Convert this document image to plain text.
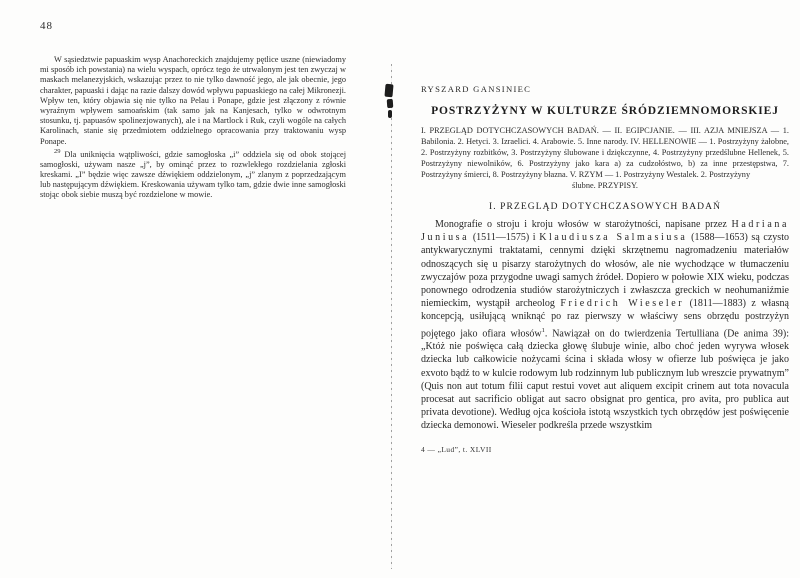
48

W sąsiedztwie papuaskim wysp Anachoreckich znajdujemy pętlice uszne (niewiadomy mi sposób ich powstania) na wielu wyspach, oprócz tego że utrwalonym jest ten zwyczaj w maskach melanezyjskich, wskazując przez to nie tylko dawność jego, ale jak obecnie, jego charakter, papuaski i dając na razie dalszy dowód wpływu papuaskiego na całej Mikronezji. Wpływ ten, który objawia się nie tylko na Pelau i Ponape, gdzie jest złączony z równie wyraźnym wpływem samoańskim (tak samo jak na Kanjesach, tylko w odwrotnym stosunku, tj. papuasów spolinezjowanych), ale i na Martlock i Ruk, czyli wogóle na całych Karolinach, stanie się przedmiotem oddzielnego opracowania przy traktowaniu wysp Ponape.

$^{29}$ Dla uniknięcia wątpliwości, gdzie samogłoska „i” oddziela się od obok stojącej samogłoski, używam nasze „j”, by ominąć przez to rozwlekłego rozdzielania zgłoski kreskami. „I” będzie więc zawsze dźwiękiem oddzielonym, „j” zlanym z poprzedzającym lub następującym dźwiękiem. Kreskowania używam tylko tam, gdzie dwie inne samogłoski stojąc obok siebie muszą być rozdzielone w mowie.

RYSZARD GANSINIEC
POSTRZYŻYNY W KULTURZE ŚRÓDZIEMNOMORSKIEJ

I. PRZEGLĄD DOTYCHCZASOWYCH BADAŃ. — II. EGIPCJANIE. — III. AZJA MNIEJSZA — 1. Babilonia. 2. Hetyci. 3. Izraelici. 4. Arabowie. 5. Inne narody. IV. HELLENOWIE — 1. Postrzyżyny żałobne, 2. Postrzyżyny rozbitków, 3. Postrzyżyny ślubowane i dziękczynne, 4. Postrzyżyny przedślubne Hellenek, 5. Postrzyżyny niewolników, 6. Postrzyżyny jako kara a) za cudzołóstwo, b) za inne przestępstwa, 7. Postrzyżyny śmierci, 8. Postrzyżyny błazna. V. RZYM — 1. Postrzyżyny Westalek. 2. Postrzyżyny

ślubne. PRZYPISY.
I. PRZEGLĄD DOTYCHCZASOWYCH BADAŃ

Monografie o stroju i kroju włosów w starożytności, napisane przez Hadriana Juniusa (1511—1575) i Klaudiusza Salmasiusa (1588—1653) są czysto antykwarycznymi traktatami, cennymi dzięki skrzętnemu nagromadzeniu materiałów odnoszących się u pisarzy starożytnych do włosów, ale nie wychodzące w tłumaczeniu zwyczajów poza przygodne uwagi samych źródeł. Dopiero w połowie XIX wieku, podczas ponownego odrodzenia studiów starożytniczych i zwłaszcza greckich w neohumaniźmie niemieckim, wystąpił archeolog Friedrich Wieseler (1811—1883) z własną koncepcją, usiłującą wniknąć po raz pierwszy w właściwy sens obrzędu postrzyżyn pojętego jako ofiara włosów$^1$. Nawiązał on do twierdzenia Tertulliana (De anima 39): „Któż nie poświęca całą dziecka głowę ślubuje winie, albo choć jeden wyrywa włosek dziecka lub całkowicie nożycami ścina i składa włosy w ofierze lub poświęca je jako exvoto bądź to w kulcie rodowym lub rodzinnym lub publicznym lub wreszcie prywatnym” (Quis non aut totum filii caput restui vovet aut aliquem excipit crinem aut tota novacula procesat aut sacrificio obligat aut sacro obsignat pro gentica, pro avita, pro publica aut privata devotione). Według ojca kościoła istotą wszystkich tych obrzędów jest poświęcenie dziecka demonowi. Wieseler podkreśla przede wszystkim

4 — „Lud”, t. XLVII
